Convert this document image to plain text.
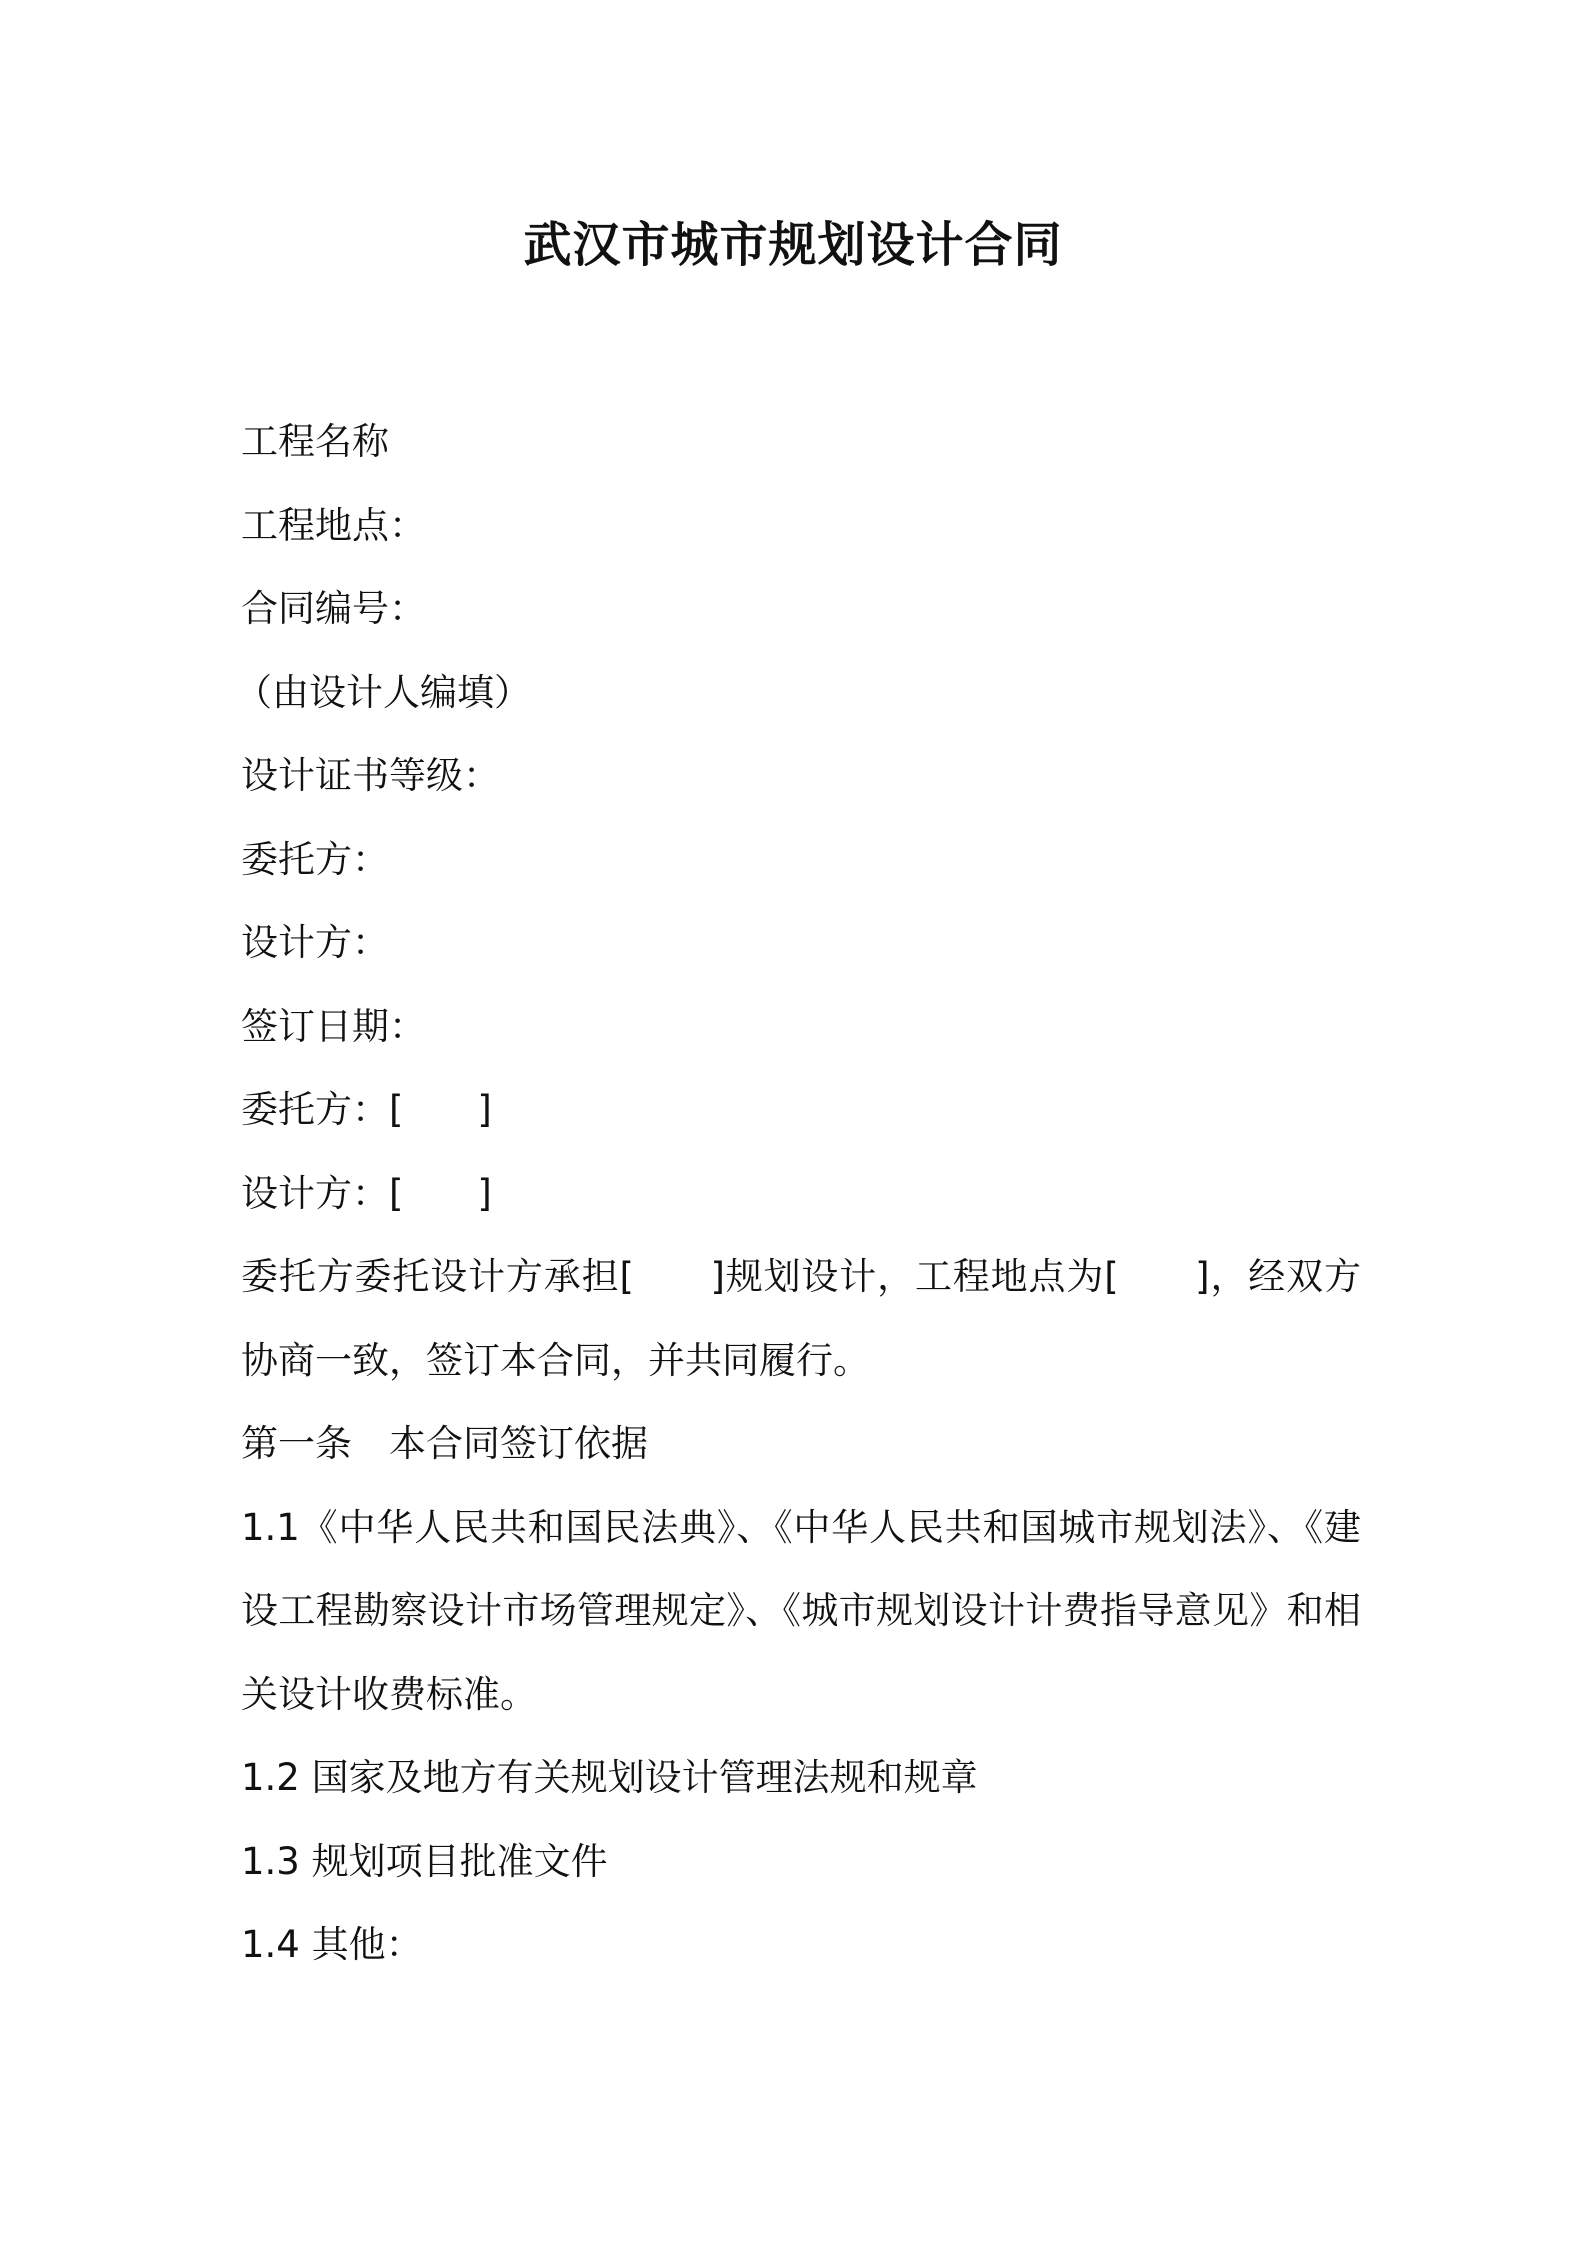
武汉市城市规划设计合同

工程名称

工程地点：

合同编号：

（由设计人编填）

设计证书等级：

委托方：

设计方：

签订日期：

委托方：[　　]

设计方：[　　]

委托方委托设计方承担[　　]规划设计，工程地点为[　　]，经双方协商一致，签订本合同，并共同履行。

第一条　本合同签订依据

1.1《中华人民共和国民法典》、《中华人民共和国城市规划法》、《建设工程勘察设计市场管理规定》、《城市规划设计计费指导意见》和相关设计收费标准。

1.2 国家及地方有关规划设计管理法规和规章

1.3 规划项目批准文件

1.4 其他：
